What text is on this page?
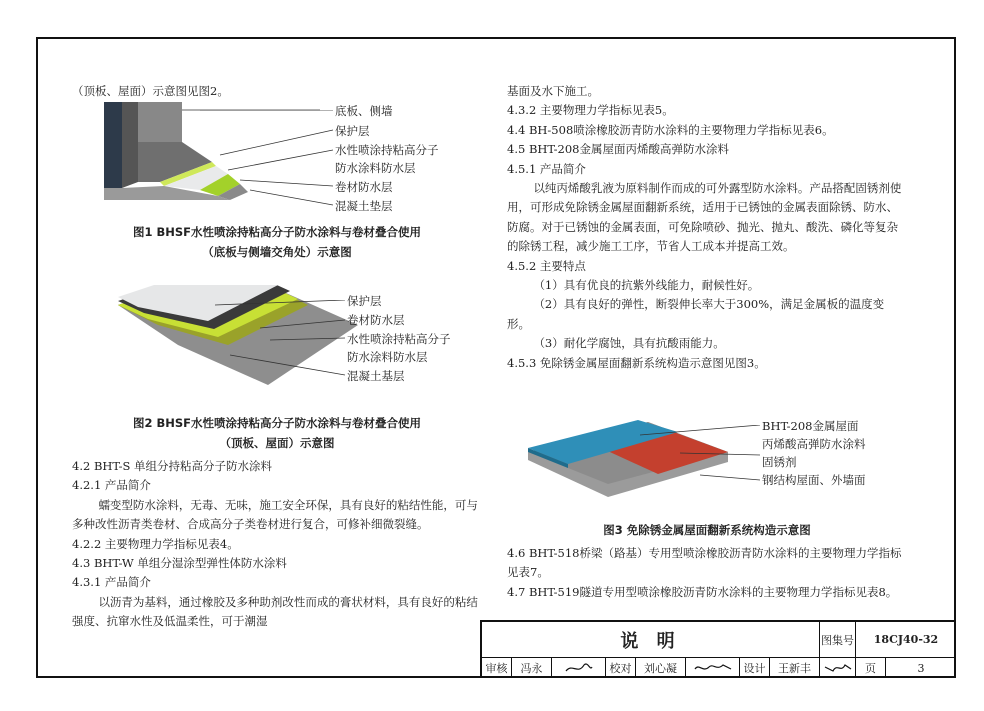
（顶板、屋面）示意图见图2。

底板、侧墙
保护层
水性喷涂持粘高分子
防水涂料防水层
卷材防水层
混凝土垫层
图1 BHSF水性喷涂持粘高分子防水涂料与卷材叠合使用
（底板与侧墙交角处）示意图
保护层
卷材防水层
水性喷涂持粘高分子
防水涂料防水层
混凝土基层
图2 BHSF水性喷涂持粘高分子防水涂料与卷材叠合使用
（顶板、屋面）示意图

4.2 BHT-S 单组分持粘高分子防水涂料

4.2.1 产品简介

蠕变型防水涂料，无毒、无味，施工安全环保，具有良好的粘结性能，可与多种改性沥青类卷材、合成高分子类卷材进行复合，可修补细微裂缝。

4.2.2 主要物理力学指标见表4。

4.3 BHT-W 单组分湿涂型弹性体防水涂料

4.3.1 产品简介

以沥青为基料，通过橡胶及多种助剂改性而成的膏状材料，具有良好的粘结强度、抗窜水性及低温柔性，可于潮湿

基面及水下施工。

4.3.2 主要物理力学指标见表5。

4.4 BH-508喷涂橡胶沥青防水涂料的主要物理力学指标见表6。

4.5 BHT-208金属屋面丙烯酸高弹防水涂料

4.5.1 产品简介

以纯丙烯酸乳液为原料制作而成的可外露型防水涂料。产品搭配固锈剂使用，可形成免除锈金属屋面翻新系统，适用于已锈蚀的金属表面除锈、防水、防腐。对于已锈蚀的金属表面，可免除喷砂、抛光、抛丸、酸洗、磷化等复杂的除锈工程，减少施工工序，节省人工成本并提高工效。

4.5.2 主要特点

（1）具有优良的抗紫外线能力，耐候性好。

（2）具有良好的弹性，断裂伸长率大于300%，满足金属板的温度变形。

（3）耐化学腐蚀，具有抗酸雨能力。

4.5.3 免除锈金属屋面翻新系统构造示意图见图3。

BHT-208金属屋面
丙烯酸高弹防水涂料
固锈剂
钢结构屋面、外墙面
图3 免除锈金属屋面翻新系统构造示意图

4.6 BHT-518桥梁（路基）专用型喷涂橡胶沥青防水涂料的主要物理力学指标见表7。

4.7 BHT-519隧道专用型喷涂橡胶沥青防水涂料的主要物理力学指标见表8。

说 明	图集号	18CJ40-32
审核	冯永	校对	刘心凝	设计	王新丰	页	3
